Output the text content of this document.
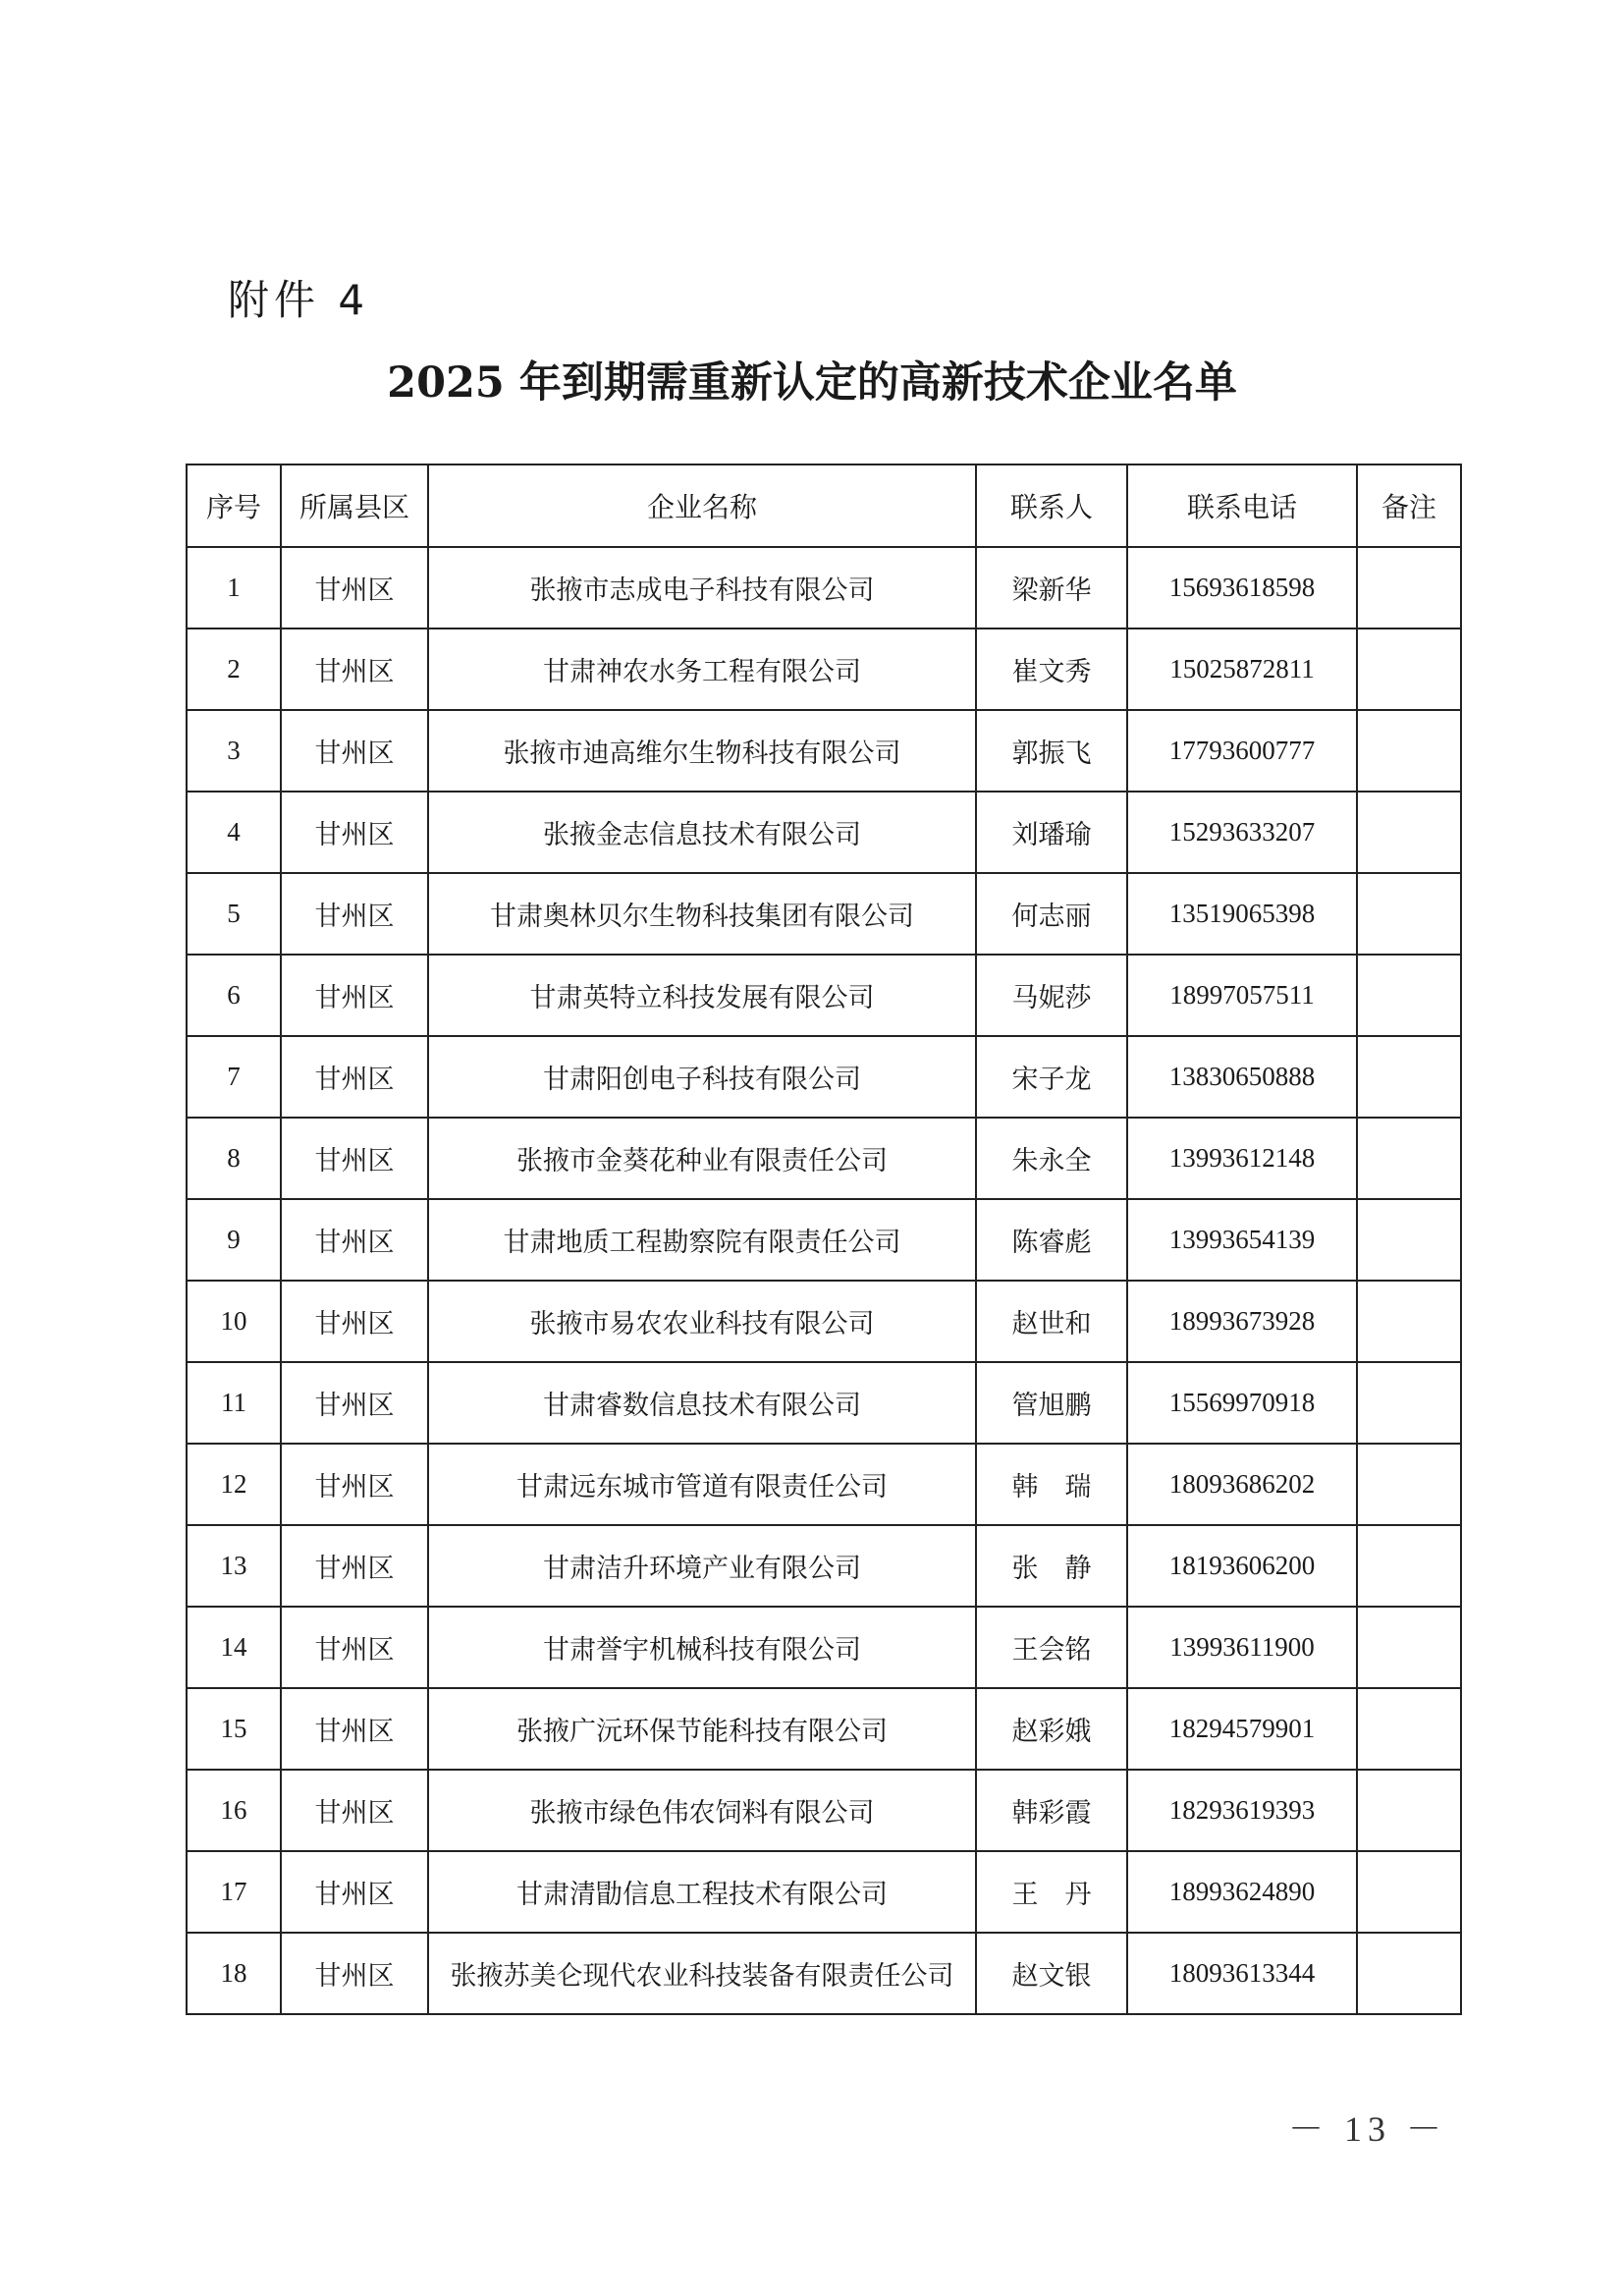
附件 4
2025 年到期需重新认定的高新技术企业名单
序号	所属县区	企业名称	联系人	联系电话	备注
1	甘州区	张掖市志成电子科技有限公司	梁新华	15693618598	
2	甘州区	甘肃神农水务工程有限公司	崔文秀	15025872811	
3	甘州区	张掖市迪高维尔生物科技有限公司	郭振飞	17793600777	
4	甘州区	张掖金志信息技术有限公司	刘璠瑜	15293633207	
5	甘州区	甘肃奥林贝尔生物科技集团有限公司	何志丽	13519065398	
6	甘州区	甘肃英特立科技发展有限公司	马妮莎	18997057511	
7	甘州区	甘肃阳创电子科技有限公司	宋子龙	13830650888	
8	甘州区	张掖市金葵花种业有限责任公司	朱永全	13993612148	
9	甘州区	甘肃地质工程勘察院有限责任公司	陈睿彪	13993654139	
10	甘州区	张掖市易农农业科技有限公司	赵世和	18993673928	
11	甘州区	甘肃睿数信息技术有限公司	管旭鹏	15569970918	
12	甘州区	甘肃远东城市管道有限责任公司	韩　瑞	18093686202	
13	甘州区	甘肃洁升环境产业有限公司	张　静	18193606200	
14	甘州区	甘肃誉宇机械科技有限公司	王会铭	13993611900	
15	甘州区	张掖广沅环保节能科技有限公司	赵彩娥	18294579901	
16	甘州区	张掖市绿色伟农饲料有限公司	韩彩霞	18293619393	
17	甘州区	甘肃清勖信息工程技术有限公司	王　丹	18993624890	
18	甘州区	张掖苏美仑现代农业科技装备有限责任公司	赵文银	18093613344	
－ 13 －
